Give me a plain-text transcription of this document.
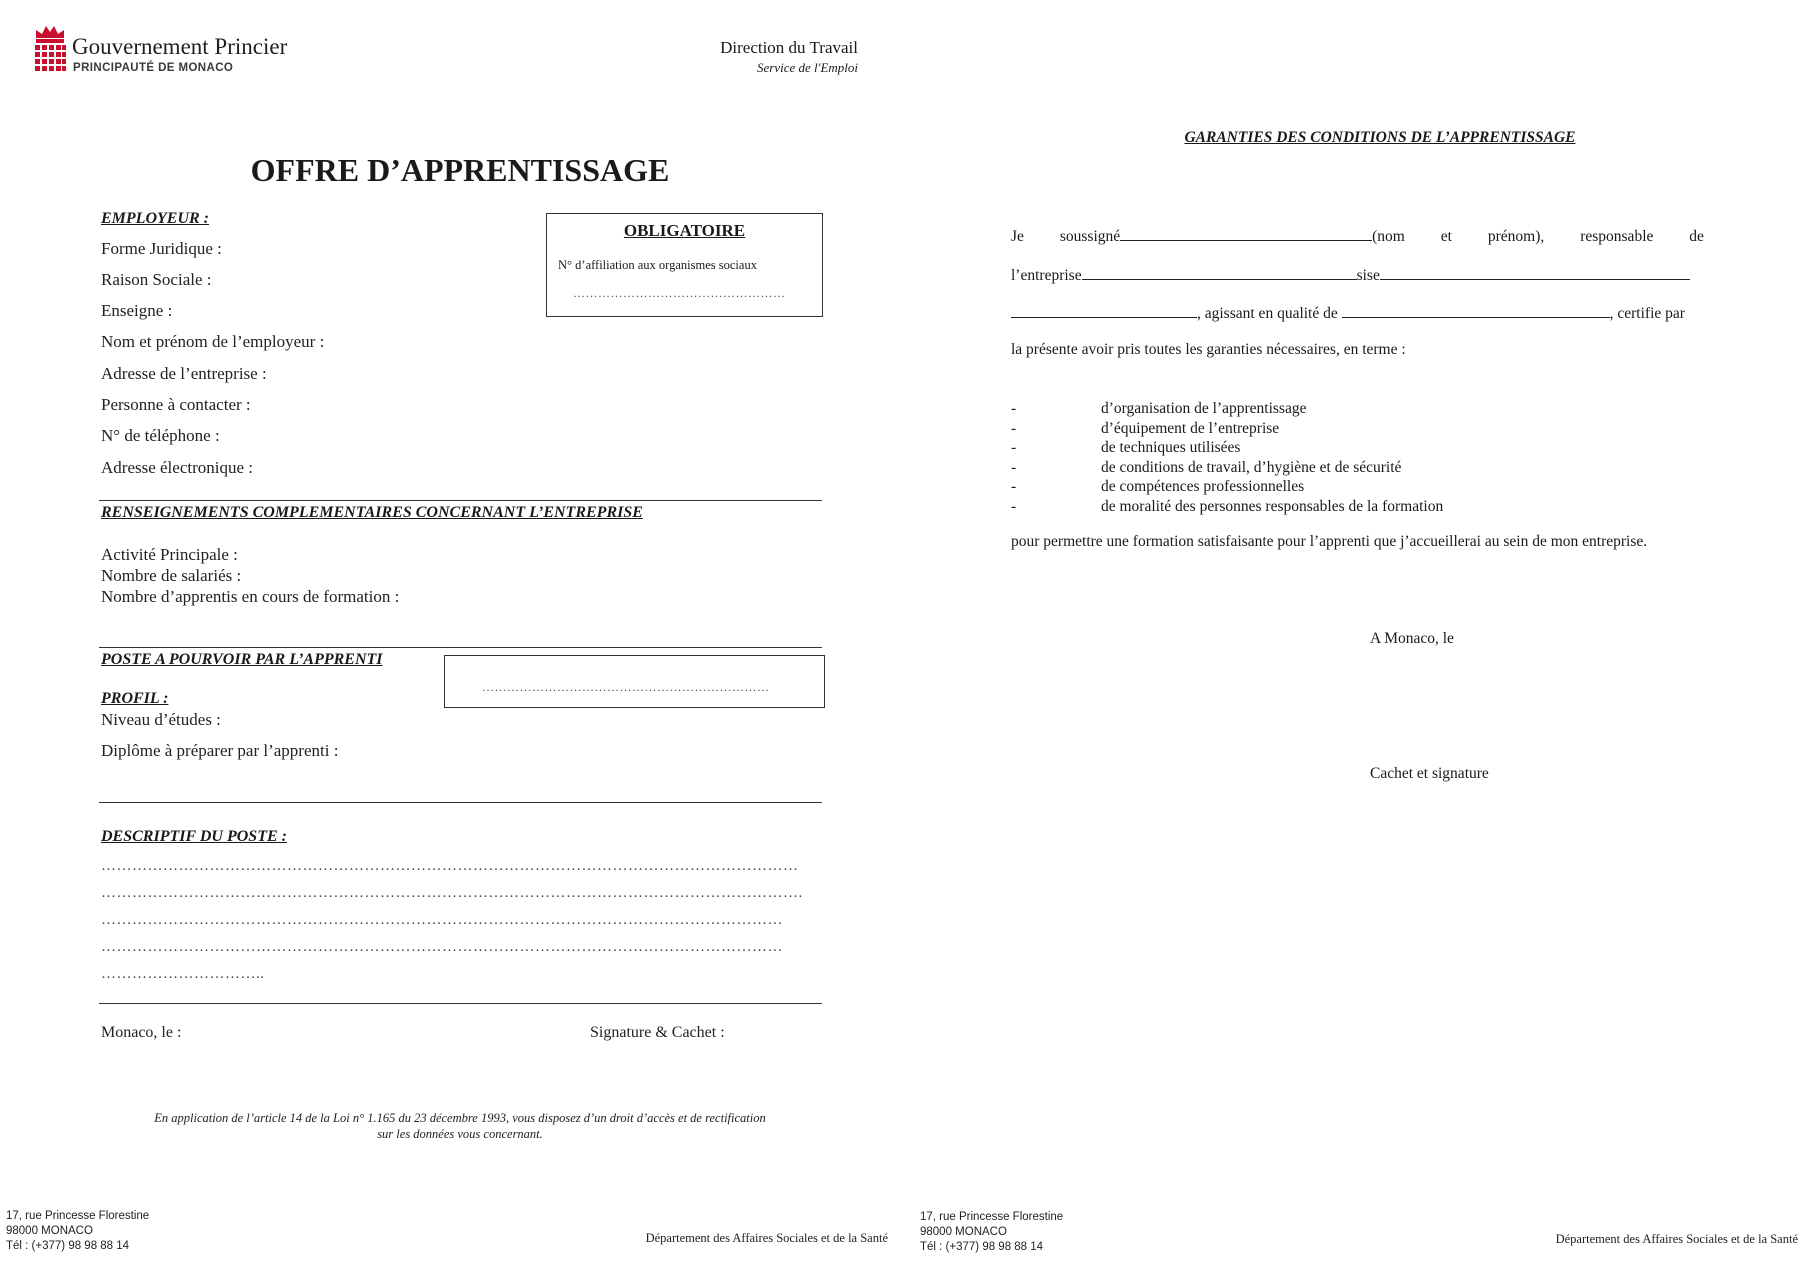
Gouvernement Princier
PRINCIPAUTÉ DE MONACO
Direction du Travail
Service de l'Emploi
OFFRE D’APPRENTISSAGE
EMPLOYEUR :
Forme Juridique :
Raison Sociale :
Enseigne :
Nom et prénom de l’employeur :
Adresse de l’entreprise :
Personne à contacter :
N° de téléphone :
Adresse électronique :
OBLIGATOIRE
N° d’affiliation aux organismes sociaux
……………………………………………
RENSEIGNEMENTS COMPLEMENTAIRES CONCERNANT L’ENTREPRISE
Activité Principale :
Nombre de salariés :
Nombre d’apprentis en cours de formation :
POSTE A POURVOIR PAR L’APPRENTI
……………………………………………………………
PROFIL :
Niveau d’études :
Diplôme à préparer par l’apprenti :
DESCRIPTIF DU POSTE :
………………………………………………………………………………………………………………………
……………………………………………………………………………………………………………………….
……………………………………………………………………………………………………………………
……………………………………………………………………………………………………………………
…………………………..
Monaco, le :	Signature & Cachet :
En application de l’article 14 de la Loi n° 1.165 du 23 décembre 1993, vous disposez d’un droit d’accès et de rectification
sur les données vous concernant.
17, rue Princesse Florestine
98000 MONACO
Tél : (+377) 98 98 88 14
Département des Affaires Sociales et de la Santé
GARANTIES DES CONDITIONS DE L’APPRENTISSAGE
Je soussigné	(nom et prénom), responsable de
l’entreprise	sise
, agissant en qualité de	, certifie par
la présente avoir pris toutes les garanties nécessaires, en terme :
-	d’organisation de l’apprentissage
-	d’équipement de l’entreprise
-	de techniques utilisées
-	de conditions de travail, d’hygiène et de sécurité
-	de compétences professionnelles
-	de moralité des personnes responsables de la formation
pour permettre une formation satisfaisante pour l’apprenti que j’accueillerai au sein de mon entreprise.
A Monaco, le
Cachet et signature
17, rue Princesse Florestine
98000 MONACO
Tél : (+377) 98 98 88 14
Département des Affaires Sociales et de la Santé
